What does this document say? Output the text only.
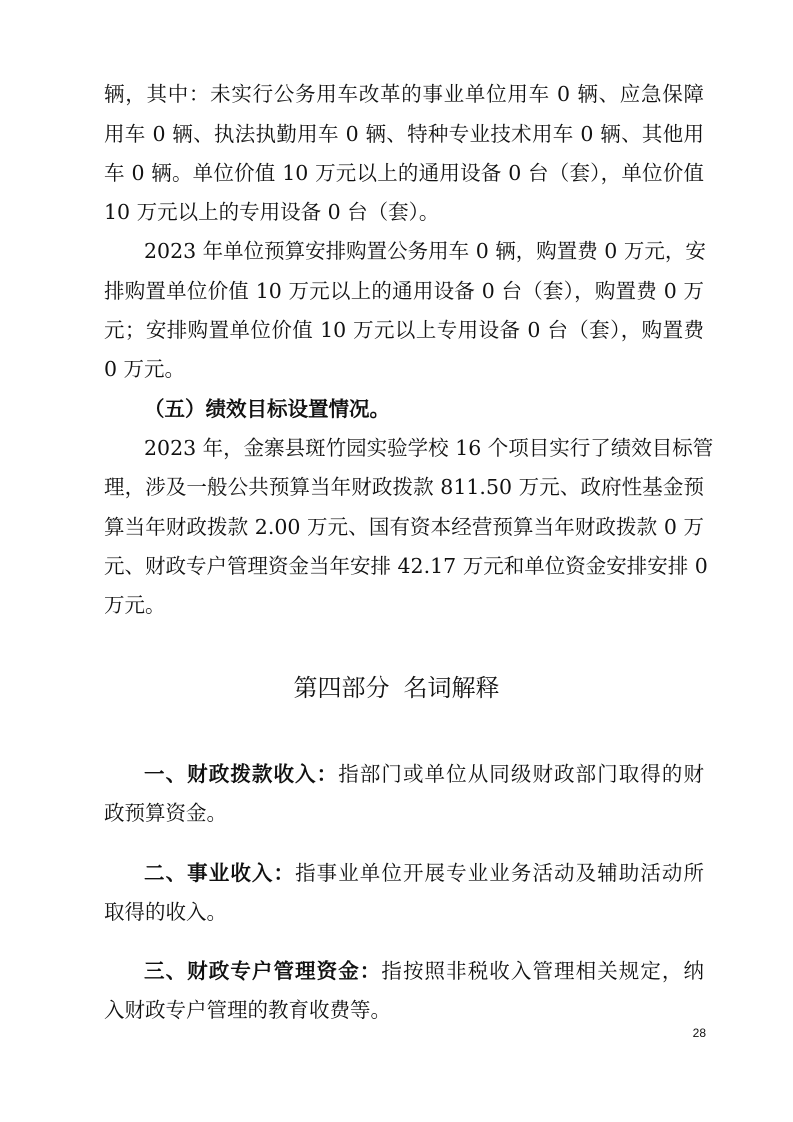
辆，其中：未实行公务用车改革的事业单位用车 0 辆、应急保障
用车 0 辆、执法执勤用车 0 辆、特种专业技术用车 0 辆、其他用
车 0 辆。单位价值 10 万元以上的通用设备 0 台（套），单位价值
10 万元以上的专用设备 0 台（套）。
2023 年单位预算安排购置公务用车 0 辆，购置费 0 万元，安
排购置单位价值 10 万元以上的通用设备 0 台（套），购置费 0 万
元；安排购置单位价值 10 万元以上专用设备 0 台（套），购置费
0 万元。
（五）绩效目标设置情况。
2023 年，金寨县斑竹园实验学校 16 个项目实行了绩效目标管
理，涉及一般公共预算当年财政拨款 811.50 万元、政府性基金预
算当年财政拨款 2.00 万元、国有资本经营预算当年财政拨款 0 万
元、财政专户管理资金当年安排 42.17 万元和单位资金安排安排 0
万元。
第四部分 名词解释
一、财政拨款收入：指部门或单位从同级财政部门取得的财
政预算资金。
二、事业收入：指事业单位开展专业业务活动及辅助活动所
取得的收入。
三、财政专户管理资金：指按照非税收入管理相关规定，纳
入财政专户管理的教育收费等。
28
